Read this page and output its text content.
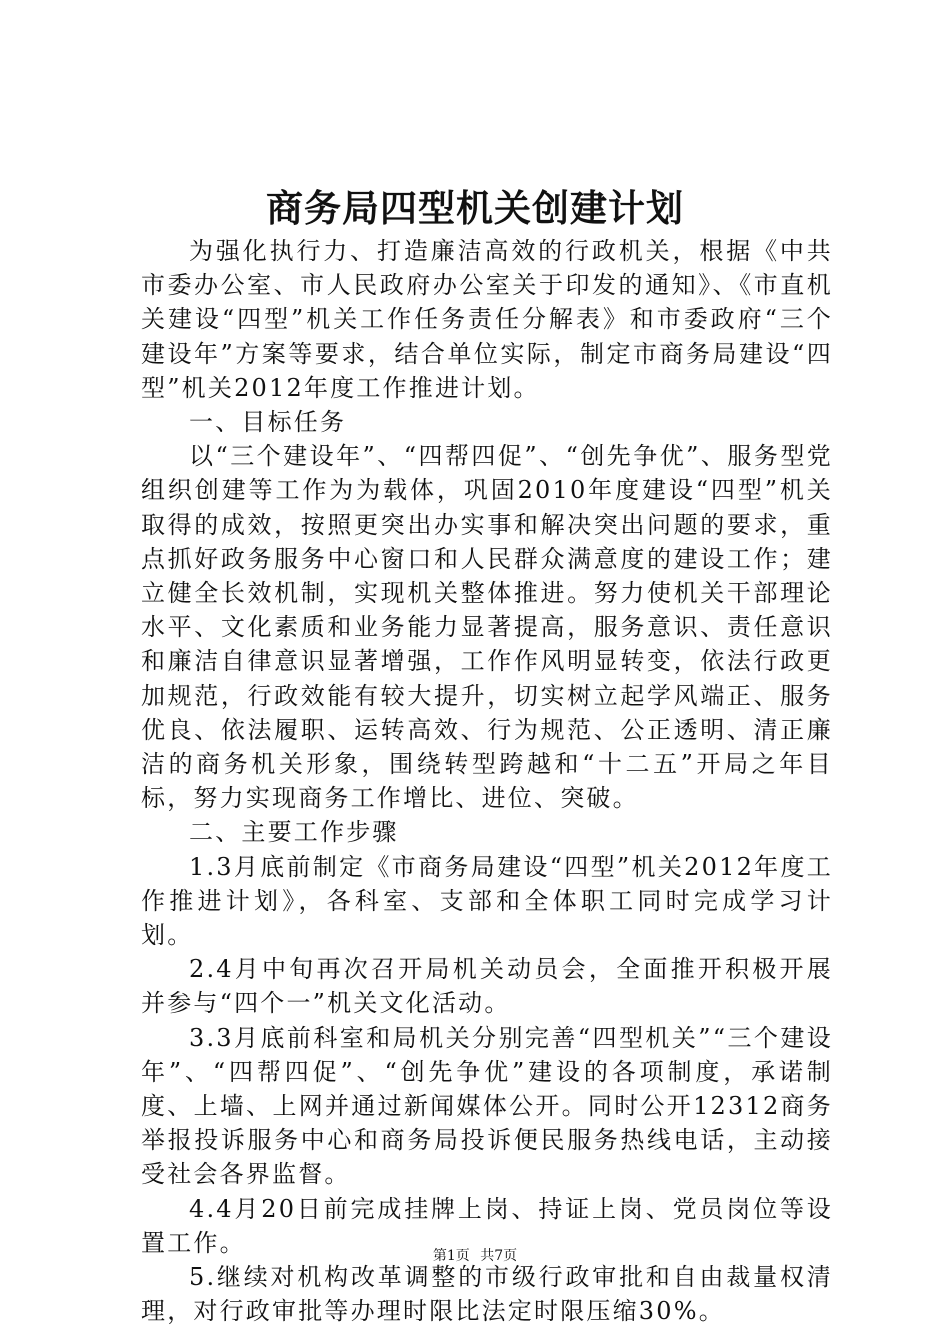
商务局四型机关创建计划

为强化执行力、打造廉洁高效的行政机关，根据《中共市委办公室、市人民政府办公室关于印发的通知》、《市直机关建设“四型”机关工作任务责任分解表》和市委政府“三个建设年”方案等要求，结合单位实际，制定市商务局建设“四型”机关2012年度工作推进计划。

一、目标任务

以“三个建设年”、“四帮四促”、“创先争优”、服务型党组织创建等工作为为载体，巩固2010年度建设“四型”机关取得的成效，按照更突出办实事和解决突出问题的要求，重点抓好政务服务中心窗口和人民群众满意度的建设工作；建立健全长效机制，实现机关整体推进。努力使机关干部理论水平、文化素质和业务能力显著提高，服务意识、责任意识和廉洁自律意识显著增强，工作作风明显转变，依法行政更加规范，行政效能有较大提升，切实树立起学风端正、服务优良、依法履职、运转高效、行为规范、公正透明、清正廉洁的商务机关形象，围绕转型跨越和“十二五”开局之年目标，努力实现商务工作增比、进位、突破。

二、主要工作步骤

1.3月底前制定《市商务局建设“四型”机关2012年度工作推进计划》，各科室、支部和全体职工同时完成学习计划。

2.4月中旬再次召开局机关动员会，全面推开积极开展并参与“四个一”机关文化活动。

3.3月底前科室和局机关分别完善“四型机关”“三个建设年”、“四帮四促”、“创先争优”建设的各项制度，承诺制度、上墙、上网并通过新闻媒体公开。同时公开12312商务举报投诉服务中心和商务局投诉便民服务热线电话，主动接受社会各界监督。

4.4月20日前完成挂牌上岗、持证上岗、党员岗位等设置工作。

5.继续对机构改革调整的市级行政审批和自由裁量权清理，对行政审批等办理时限比法定时限压缩30%。

第1页 共7页
